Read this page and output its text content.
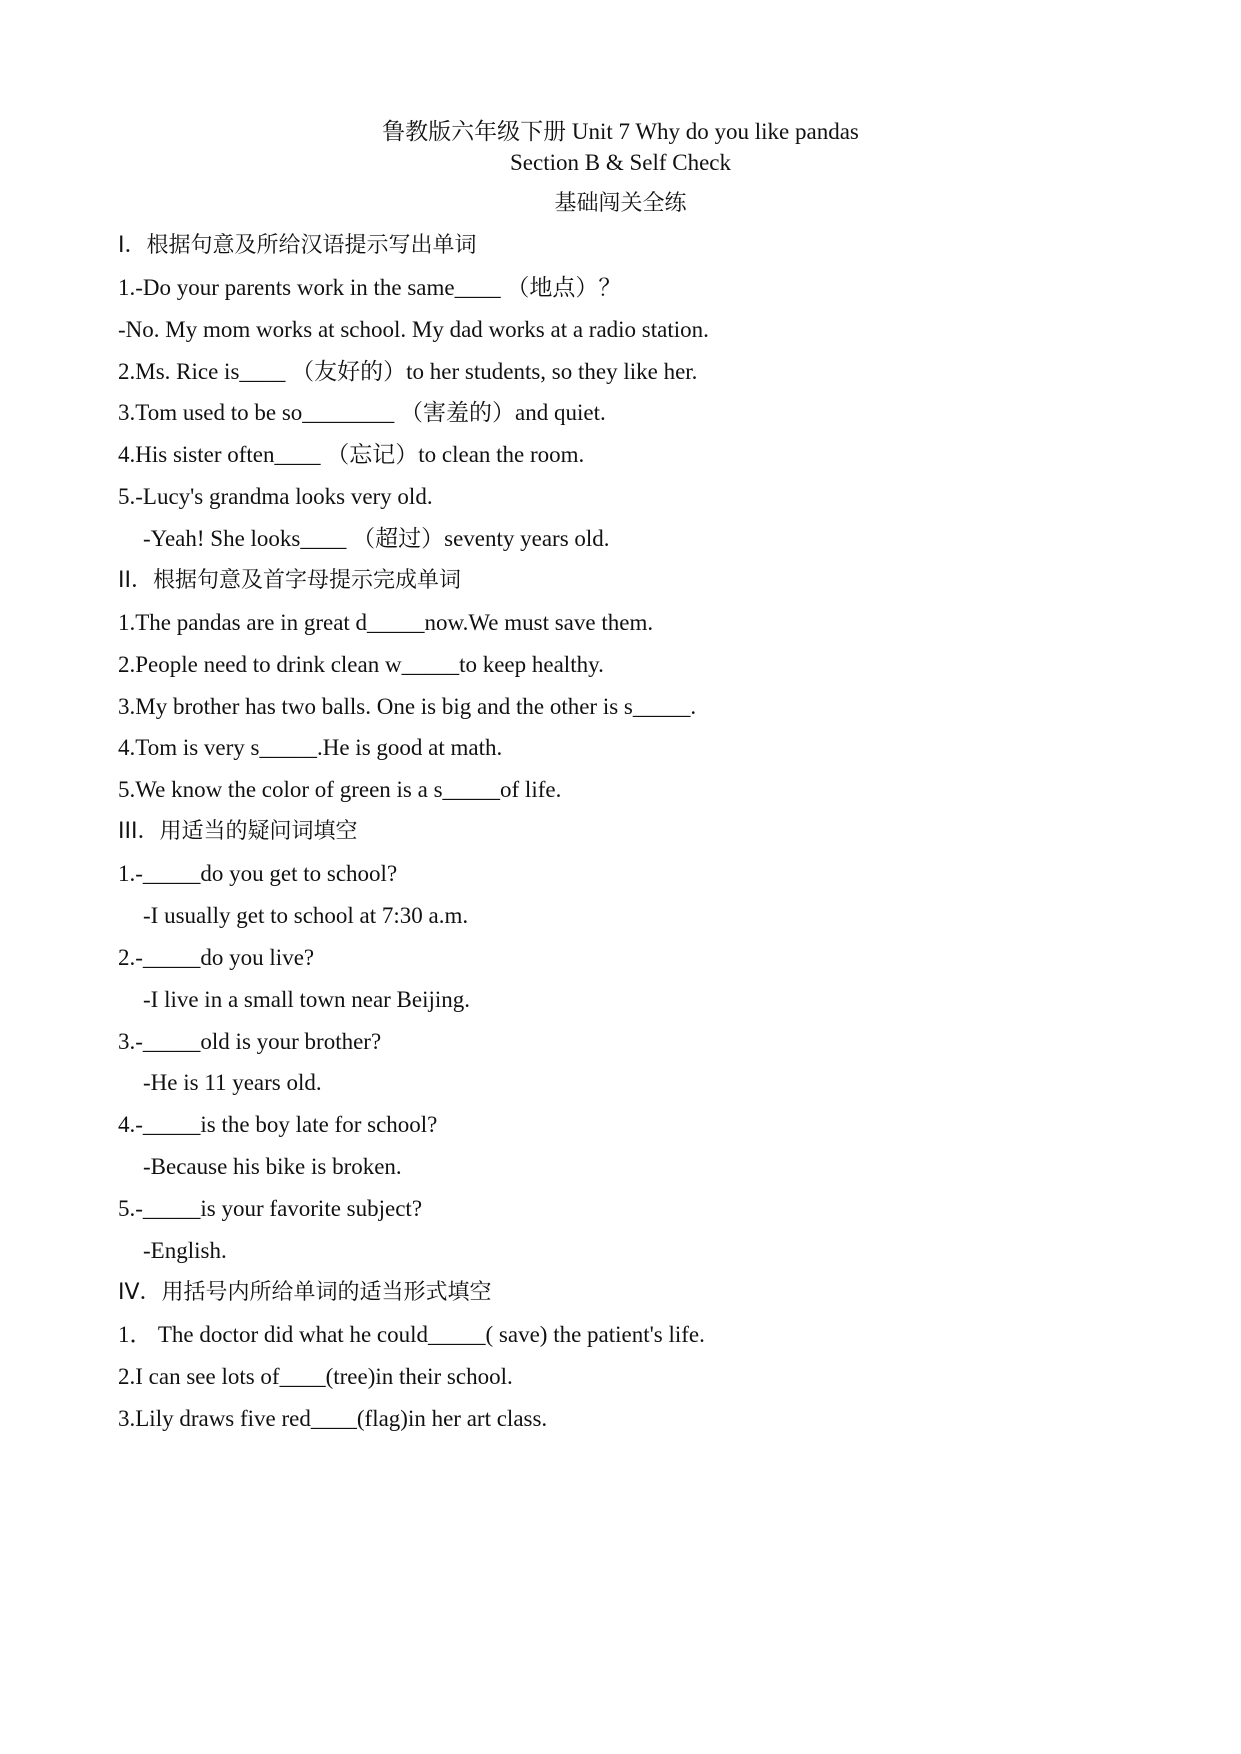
鲁教版六年级下册 Unit 7 Why do you like pandas
Section B & Self Check
基础闯关全练
I．根据句意及所给汉语提示写出单词
1.-Do your parents work in the same____ （地点）？
-No. My mom works at school. My dad works at a radio station.
2.Ms. Rice is____ （友好的）to her students, so they like her.
3.Tom used to be so________ （害羞的）and quiet.
4.His sister often____ （忘记）to clean the room.
5.-Lucy's grandma looks very old.
-Yeah! She looks____ （超过）seventy years old.
II．根据句意及首字母提示完成单词
1.The pandas are in great d_____now.We must save them.
2.People need to drink clean w_____to keep healthy.
3.My brother has two balls. One is big and the other is s_____.
4.Tom is very s_____.He is good at math.
5.We know the color of green is a s_____of life.
III．用适当的疑问词填空
1.-_____do you get to school?
-I usually get to school at 7:30 a.m.
2.-_____do you live?
-I live in a small town near Beijing.
3.-_____old is your brother?
-He is 11 years old.
4.-_____is the boy late for school?
-Because his bike is broken.
5.-_____is your favorite subject?
-English.
IV．用括号内所给单词的适当形式填空
1． The doctor did what he could_____( save) the patient's life.
2.I can see lots of____(tree)in their school.
3.Lily draws five red____(flag)in her art class.
